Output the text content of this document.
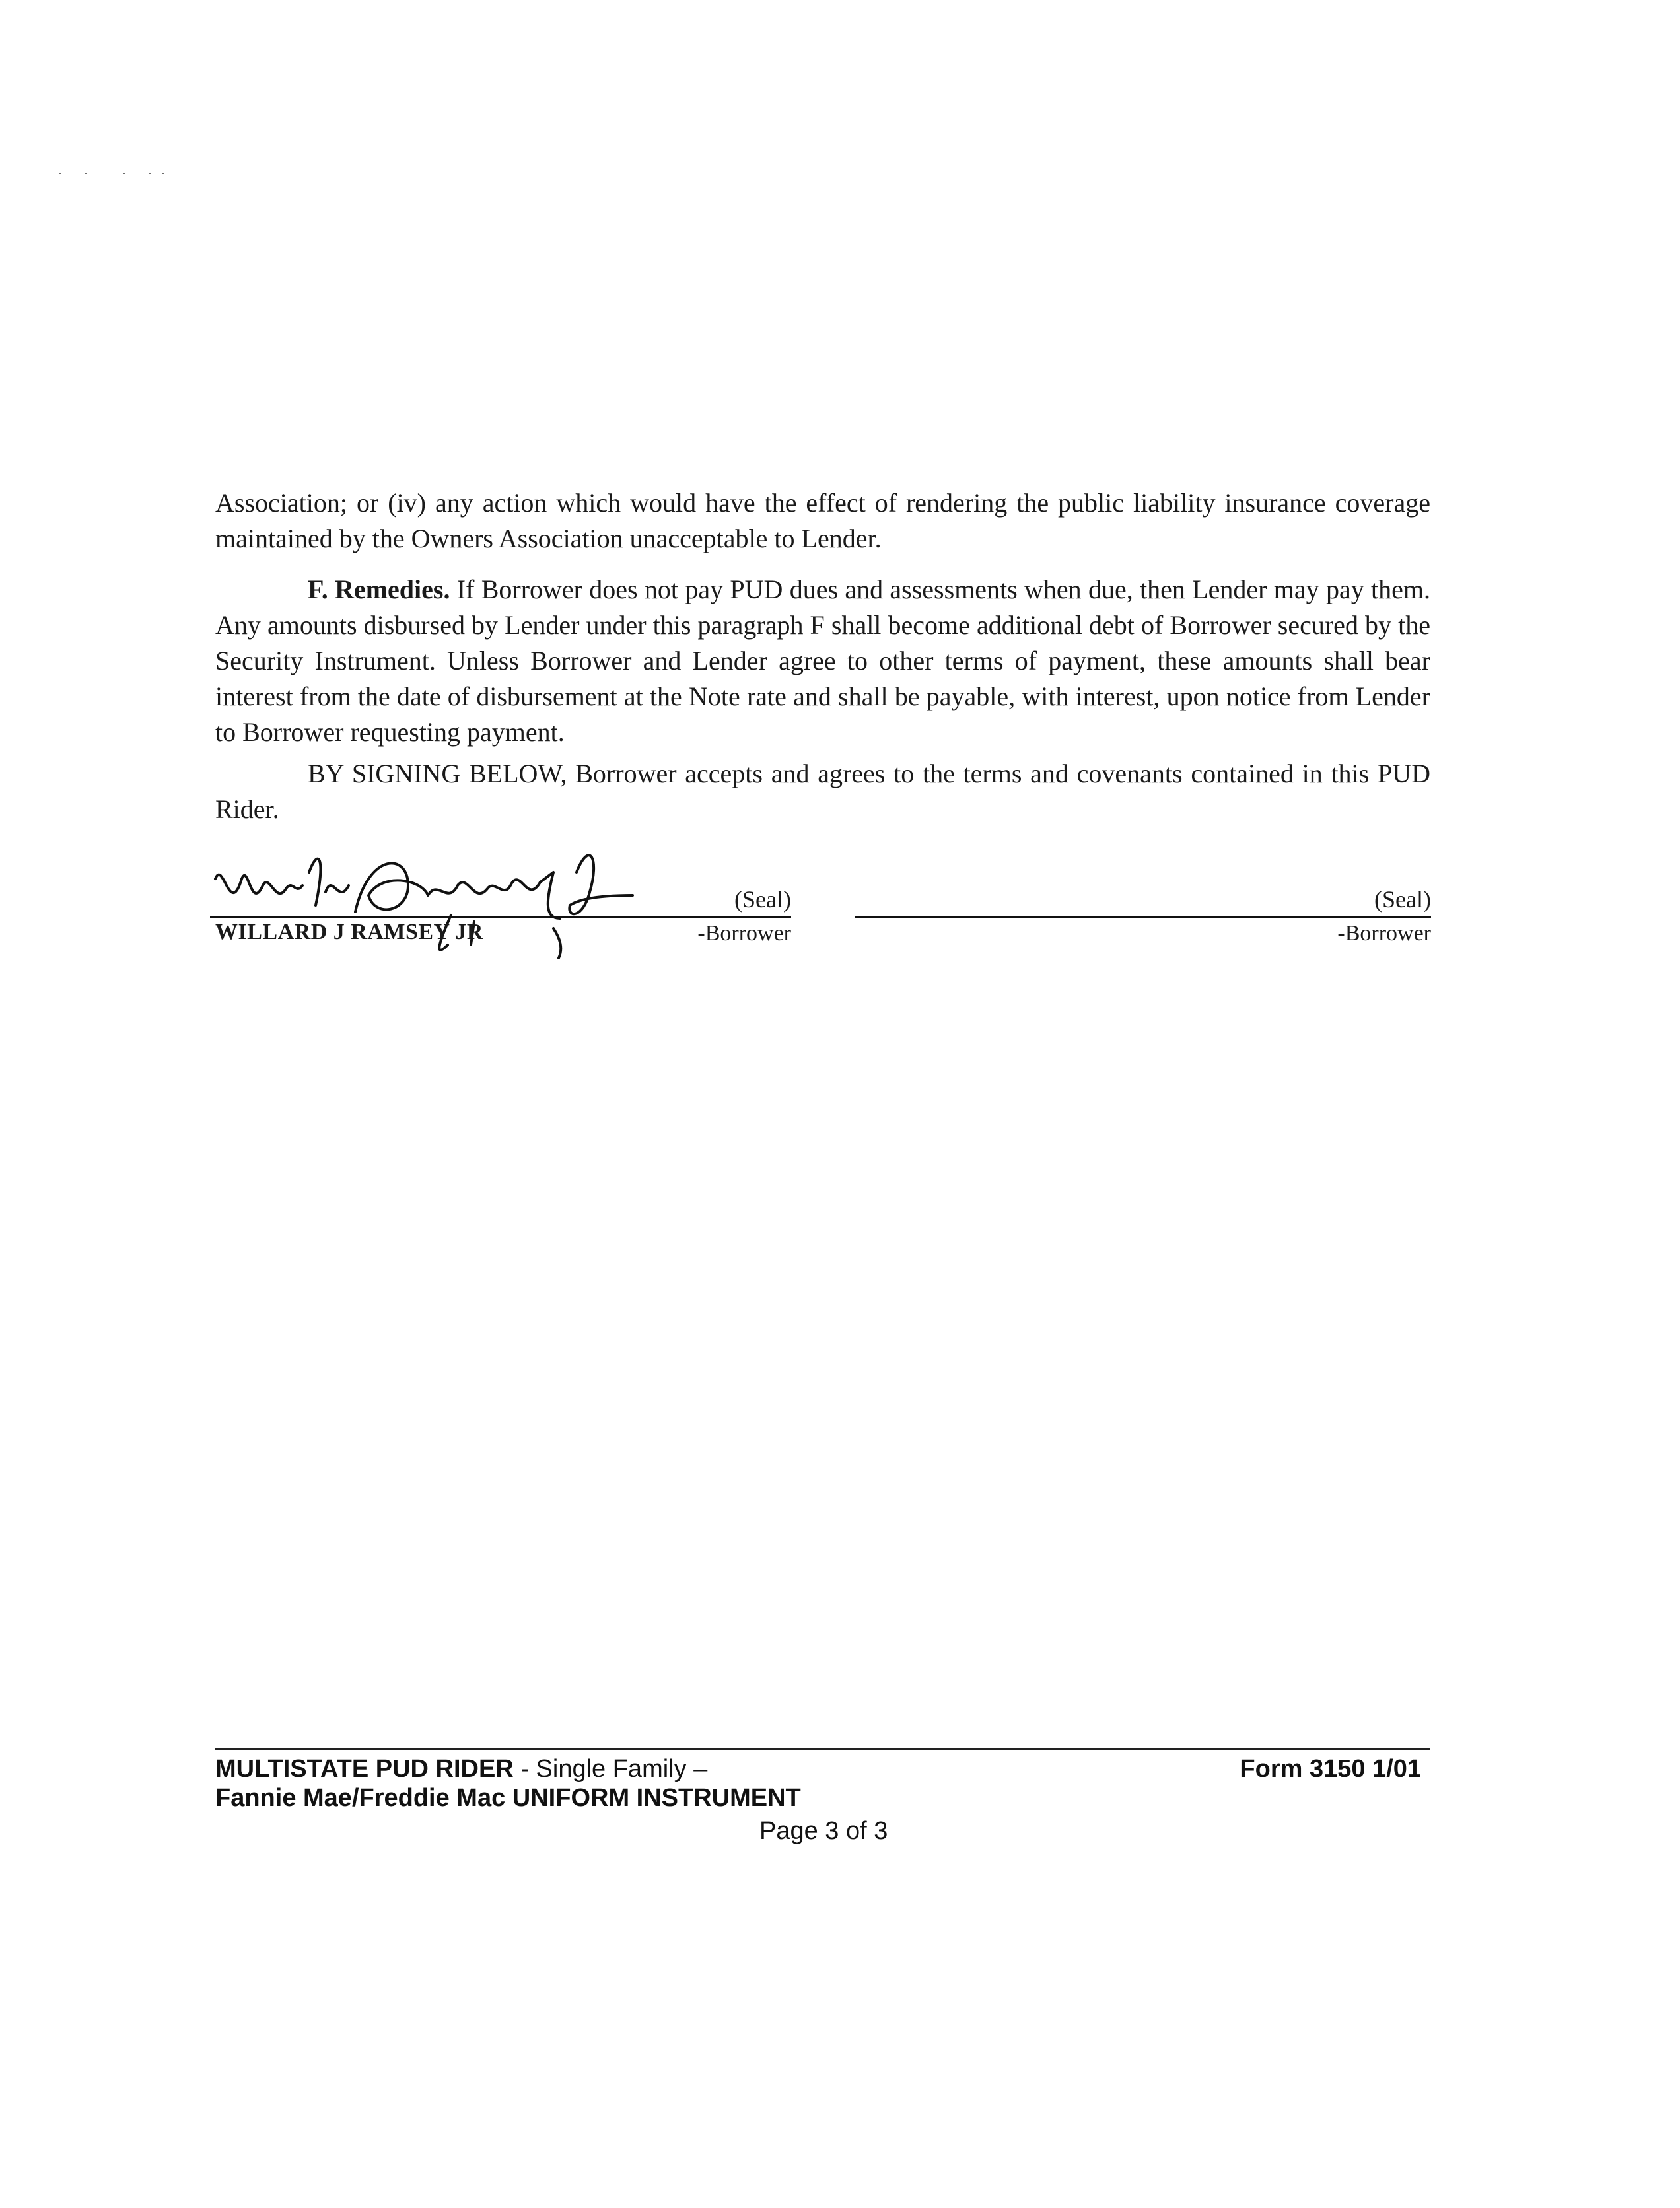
· ·  · ··
Association; or (iv) any action which would have the effect of rendering the public liability insurance coverage maintained by the Owners Association unacceptable to Lender.
F. Remedies. If Borrower does not pay PUD dues and assessments when due, then Lender may pay them. Any amounts disbursed by Lender under this paragraph F shall become additional debt of Borrower secured by the Security Instrument. Unless Borrower and Lender agree to other terms of payment, these amounts shall bear interest from the date of disbursement at the Note rate and shall be payable, with interest, upon notice from Lender to Borrower requesting payment.
BY SIGNING BELOW, Borrower accepts and agrees to the terms and covenants contained in this PUD Rider.
(Seal)
WILLARD J RAMSEY JR	-Borrower
(Seal)
-Borrower
MULTISTATE PUD RIDER - Single Family –
Fannie Mae/Freddie Mac UNIFORM INSTRUMENT
Form 3150 1/01
Page 3 of 3
